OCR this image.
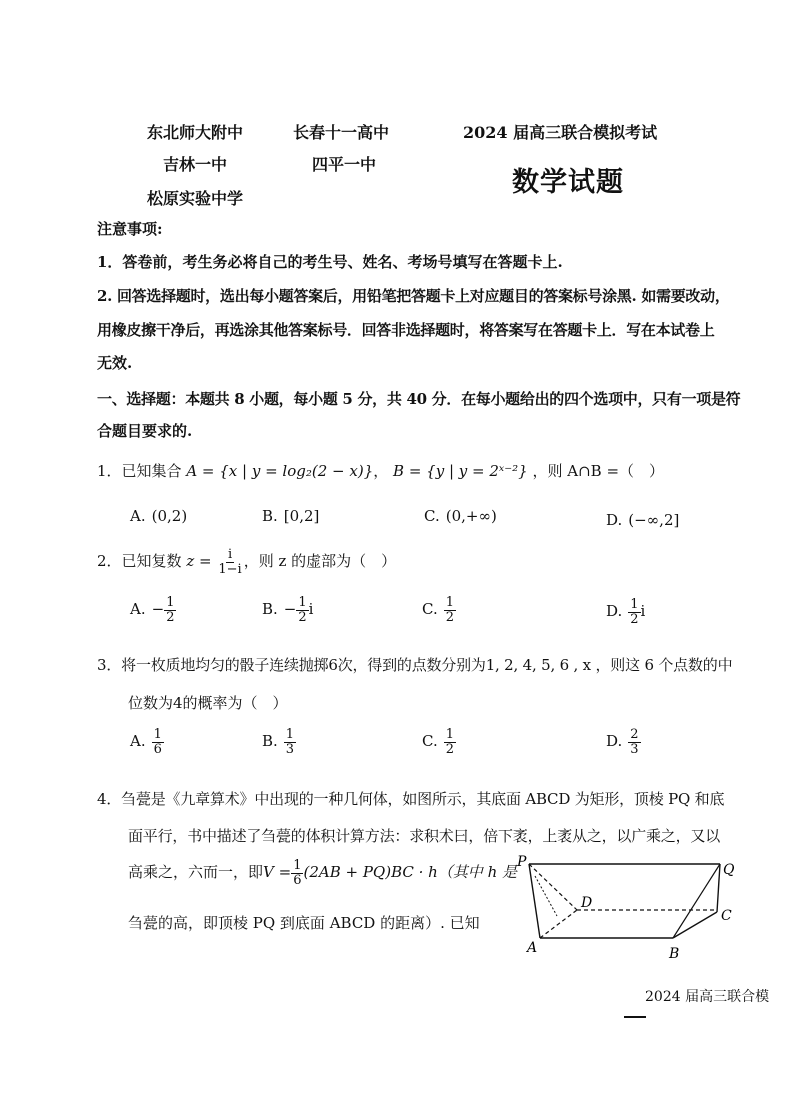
东北师大附中	长春十一高中	2024 届高三联合模拟考试
吉林一中	四平一中
数学试题
松原实验中学
注意事项:
1．答卷前，考生务必将自己的考生号、姓名、考场号填写在答题卡上.
2. 回答选择题时，选出每小题答案后，用铅笔把答题卡上对应题目的答案标号涂黑. 如需要改动，
用橡皮擦干净后，再选涂其他答案标号．回答非选择题时，将答案写在答题卡上．写在本试卷上
无效.
一、选择题：本题共 8 小题，每小题 5 分，共 40 分．在每小题给出的四个选项中，只有一项是符
合题目要求的.
1．已知集合 A = {x | y = log₂(2 − x)}， B = {y | y = 2ˣ⁻²} ，则 A∩B =（　）
A. (0,2)	B. [0,2]	C. (0,+∞)	D. (−∞,2]
2．已知复数 $z = \frac{i}{1-i}$ ，则 z 的虚部为（　）
A. − $\frac{1}{2}$	B. − $\frac{1}{2}$ i	C. $\frac{1}{2}$	D. $\frac{1}{2}$ i
3．将一枚质地均匀的骰子连续抛掷6次，得到的点数分别为1, 2, 4, 5, 6 , x ，则这 6 个点数的中
位数为4的概率为（　）
A. $\frac{1}{6}$	B. $\frac{1}{3}$	C. $\frac{1}{2}$	D. $\frac{2}{3}$
4．刍甍是《九章算术》中出现的一种几何体，如图所示，其底面 ABCD 为矩形，顶棱 PQ 和底
面平行，书中描述了刍甍的体积计算方法：求积术曰，倍下袤，上袤从之，以广乘之，又以
高乘之，六而一，即$V = \frac{1}{6} (2AB + PQ)BC \cdot h$（其中 h 是
刍甍的高，即顶棱 PQ 到底面 ABCD 的距离）. 已知
P	Q
D
C
A	B
2024 届高三联合模
